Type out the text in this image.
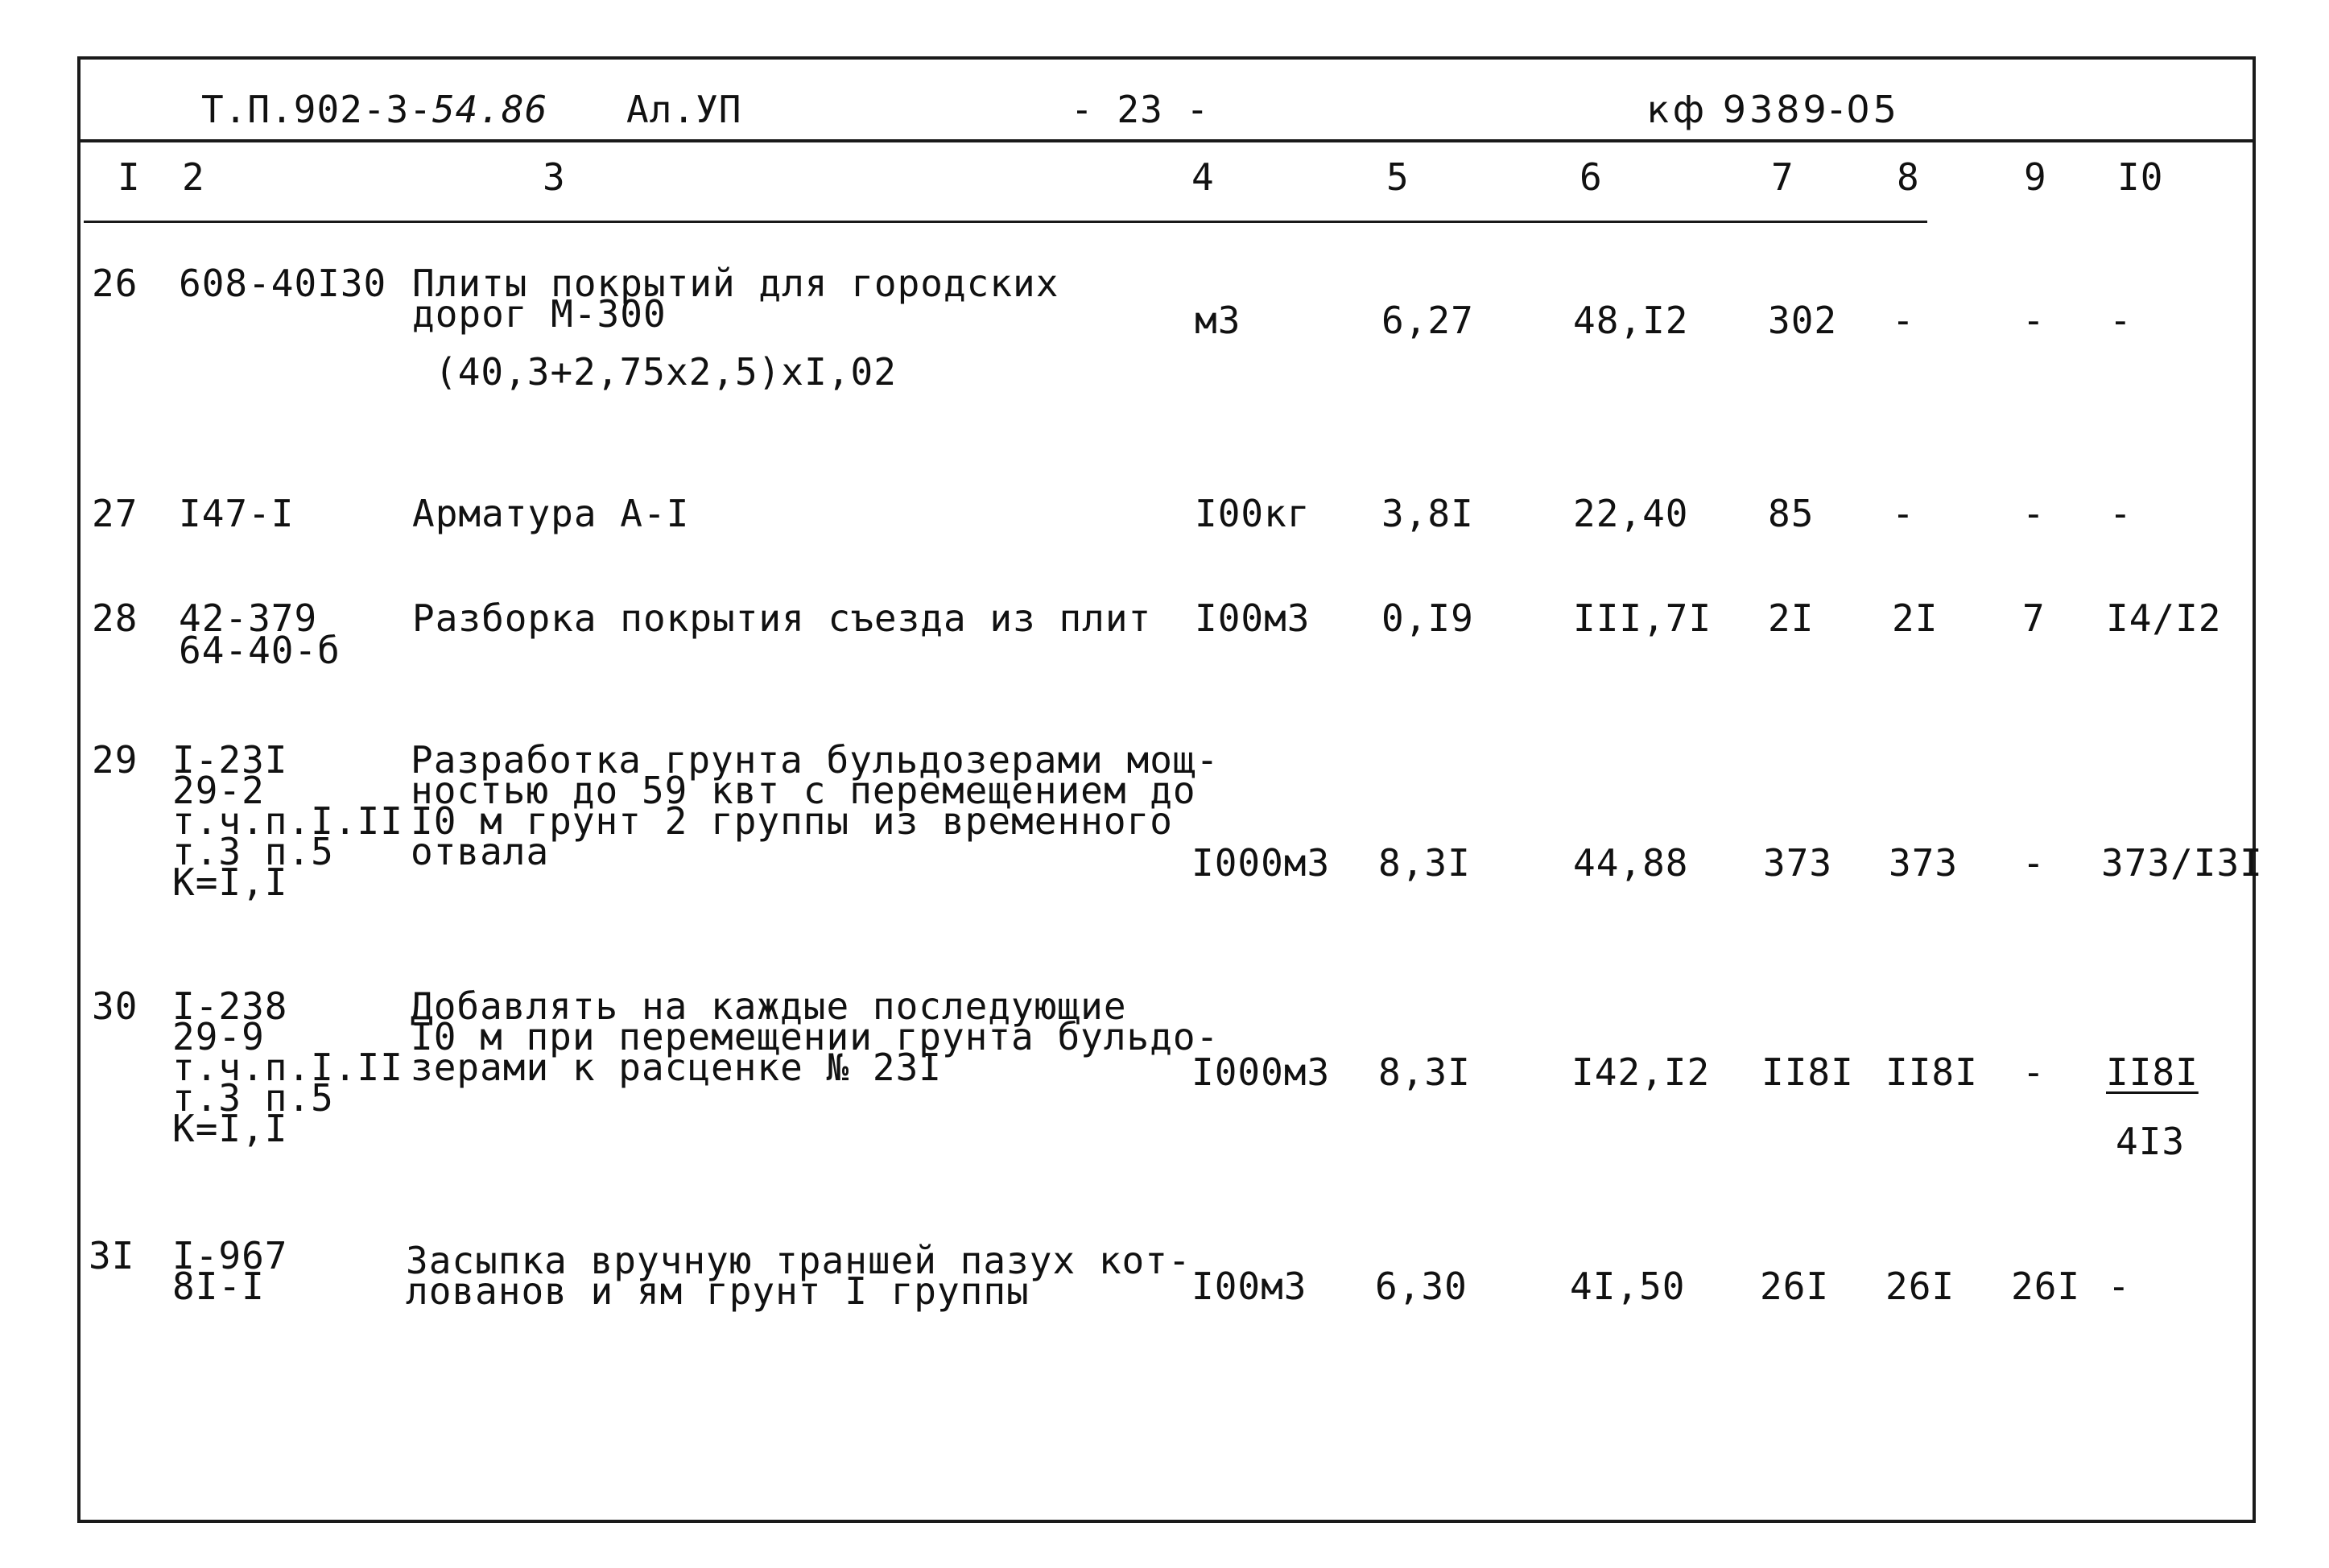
Т.П.902-3-54.86 Ал.УП	- 23 -	кф 9389-05
I 2	3	4	5	6	7	8	9 I0
26 608-40I30 Плиты покрытий для городских
дорог М-300
(40,3+2,75x2,5)xI,02
м3	6,27	48,I2 302 -	- -
27 I47-I	Арматура А-I	I00кг 3,8I	22,40 85 -	- -
28 42-379
64-40-б
Разборка покрытия съезда из плит I00м3 0,I9	III,7I 2I 2I 7 I4/I2
29 I-23I
29-2
т.ч.п.I.II
т.3 п.5
К=I,I
Разработка грунта бульдозерами мощ-
ностью до 59 квт с перемещением до
I0 м грунт 2 группы из временного
отвала	I000м3 8,3I	44,88 373 373 - 373/I3I
30 I-238
29-9
т.ч.п.I.II
т.3 п.5
К=I,I
Добавлять на каждые последующие
I0 м при перемещении грунта бульдо-
зерами к расценке № 23I	I000м3 8,3I	I42,I2 II8I II8I - II8I
4I3
3I I-967
8I-I
Засыпка вручную траншей пазух кот-
лованов и ям грунт I группы	I00м3 6,30	4I,50 26I 26I 26I -
